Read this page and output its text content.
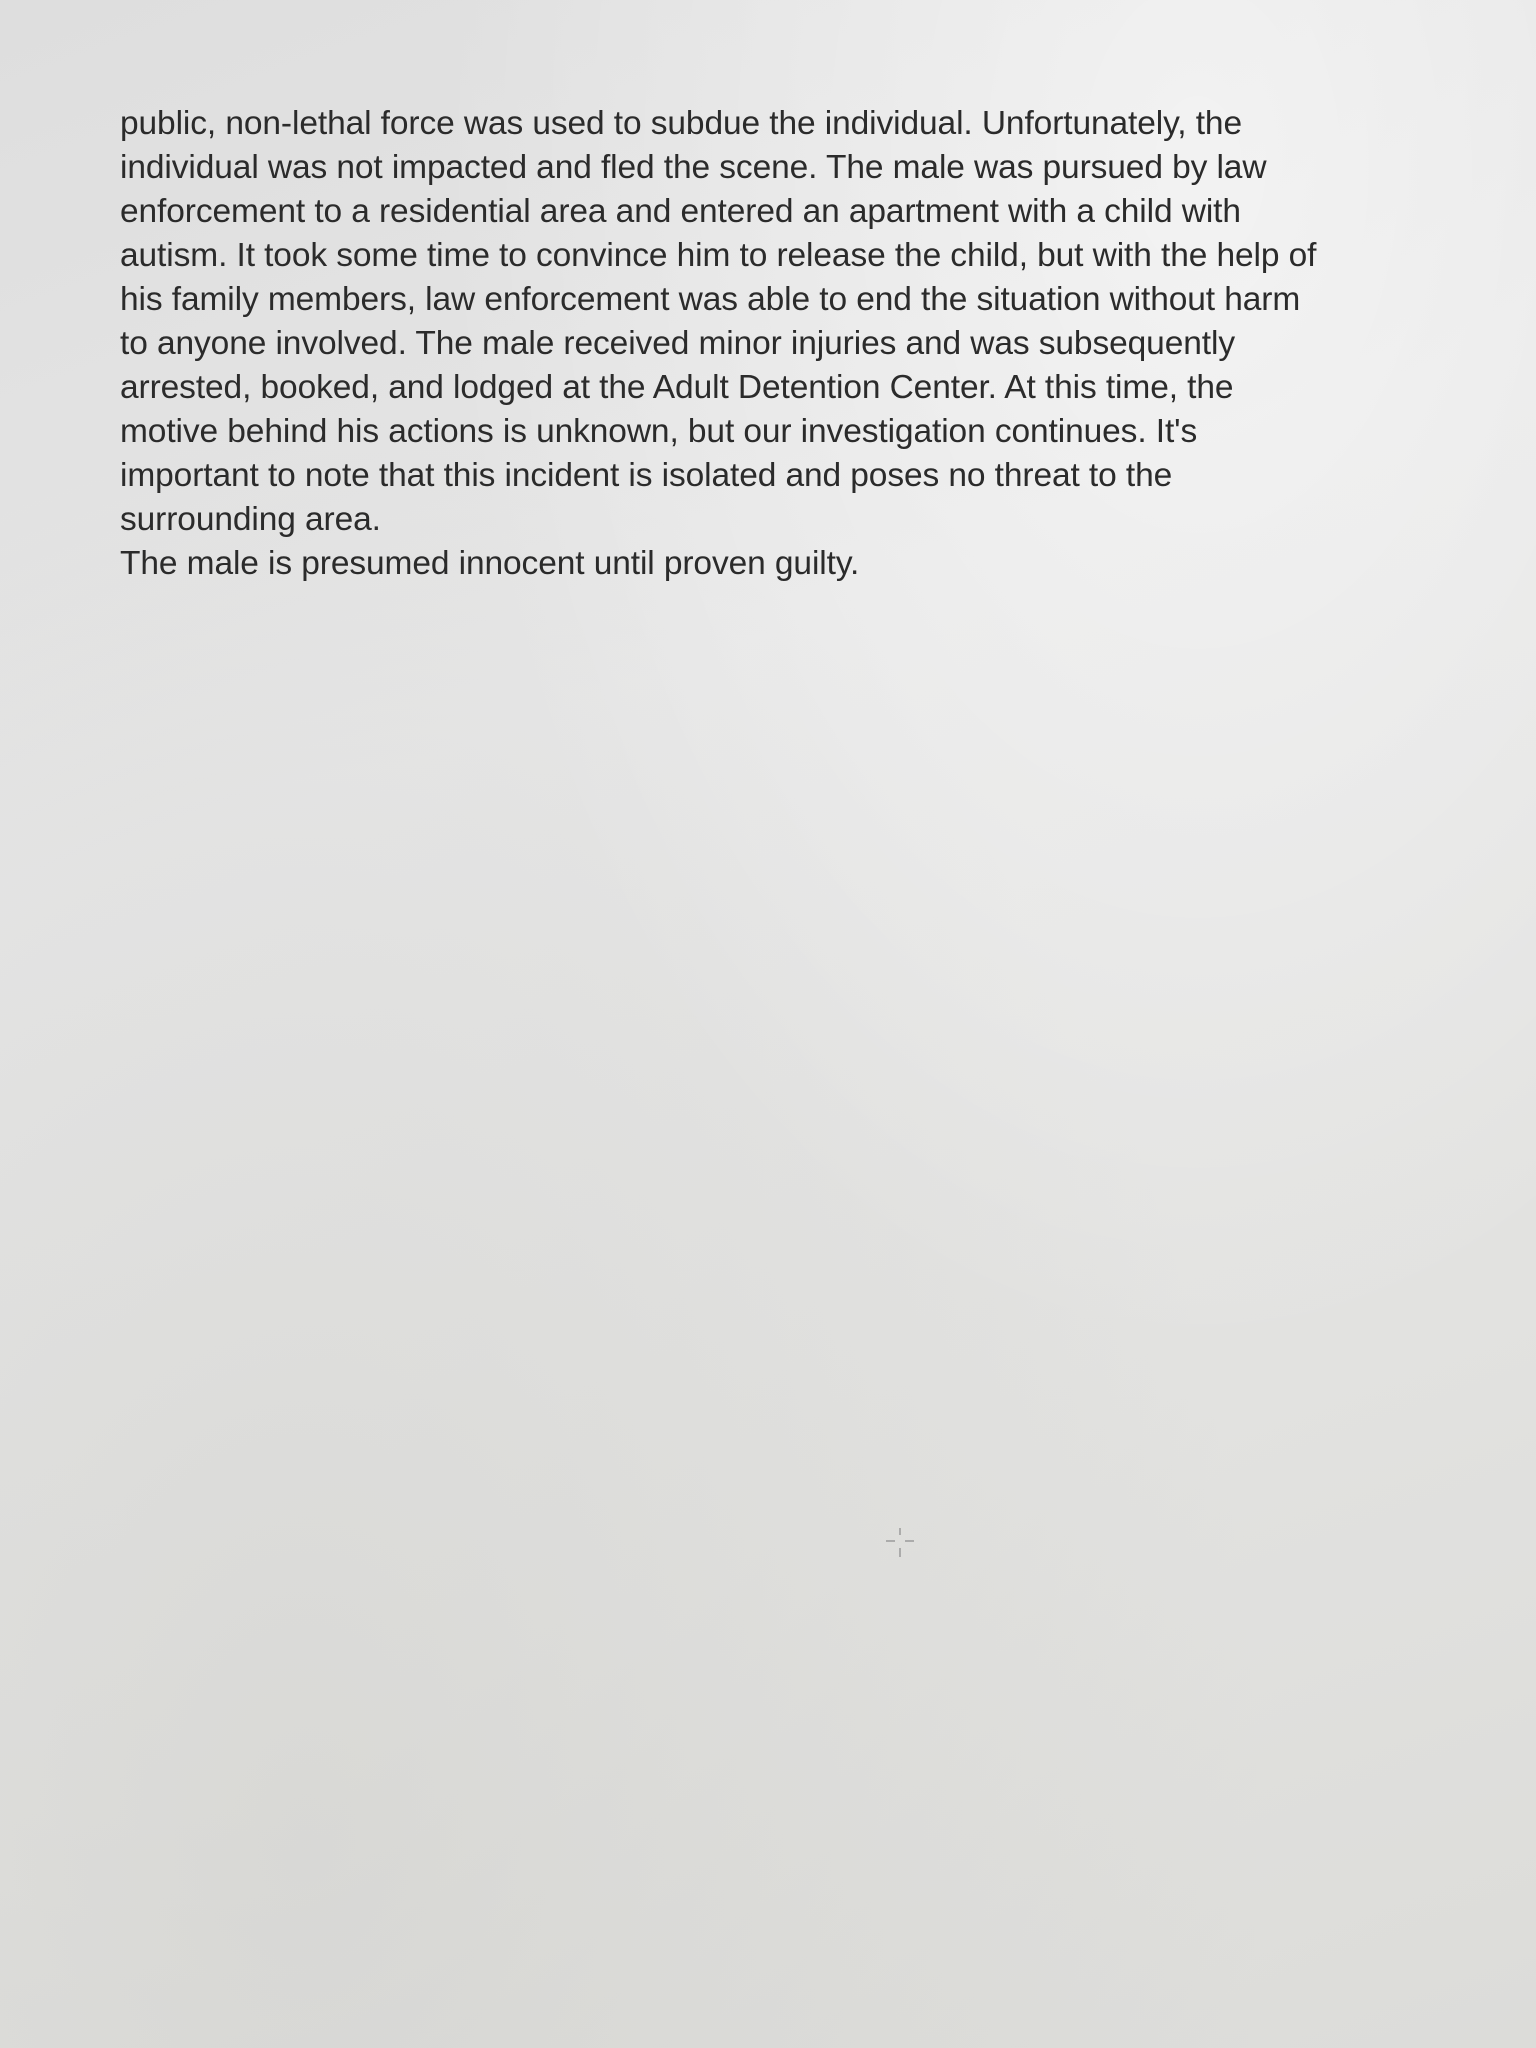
public, non-lethal force was used to subdue the individual. Unfortunately, the
individual was not impacted and fled the scene. The male was pursued by law
enforcement to a residential area and entered an apartment with a child with
autism. It took some time to convince him to release the child, but with the help of
his family members, law enforcement was able to end the situation without harm
to anyone involved. The male received minor injuries and was subsequently
arrested, booked, and lodged at the Adult Detention Center. At this time, the
motive behind his actions is unknown, but our investigation continues. It's
important to note that this incident is isolated and poses no threat to the
surrounding area.
The male is presumed innocent until proven guilty.
